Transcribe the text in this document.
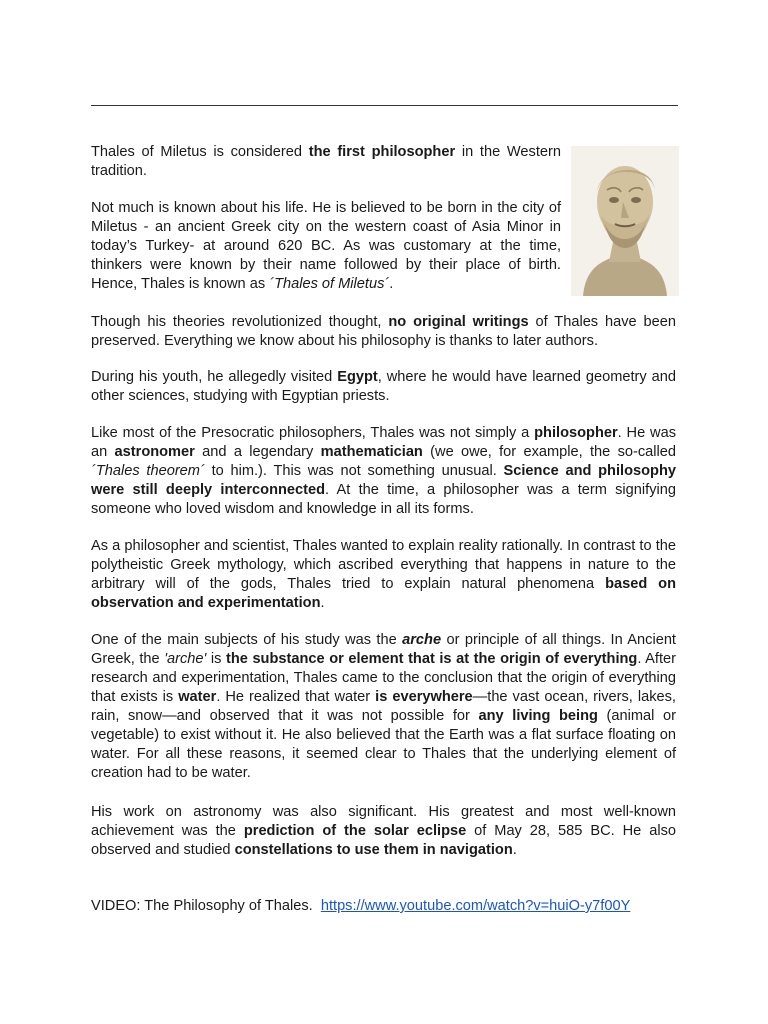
Thales of Miletus is considered the first philosopher in the Western tradition.

Not much is known about his life. He is believed to be born in the city of Miletus - an ancient Greek city on the western coast of Asia Minor in today’s Turkey- at around 620 BC. As was customary at the time, thinkers were known by their name followed by their place of birth. Hence, Thales is known as ´Thales of Miletus´.

Though his theories revolutionized thought, no original writings of Thales have been preserved. Everything we know about his philosophy is thanks to later authors.

During his youth, he allegedly visited Egypt, where he would have learned geometry and other sciences, studying with Egyptian priests.

Like most of the Presocratic philosophers, Thales was not simply a philosopher. He was an astronomer and a legendary mathematician (we owe, for example, the so-called ´Thales theorem´ to him.). This was not something unusual. Science and philosophy were still deeply interconnected. At the time, a philosopher was a term signifying someone who loved wisdom and knowledge in all its forms.

As a philosopher and scientist, Thales wanted to explain reality rationally. In contrast to the polytheistic Greek mythology, which ascribed everything that happens in nature to the arbitrary will of the gods, Thales tried to explain natural phenomena based on observation and experimentation.

One of the main subjects of his study was the arche or principle of all things. In Ancient Greek, the 'arche' is the substance or element that is at the origin of everything. After research and experimentation, Thales came to the conclusion that the origin of everything that exists is water. He realized that water is everywhere—the vast ocean, rivers, lakes, rain, snow—and observed that it was not possible for any living being (animal or vegetable) to exist without it. He also believed that the Earth was a flat surface floating on water. For all these reasons, it seemed clear to Thales that the underlying element of creation had to be water.

His work on astronomy was also significant. His greatest and most well-known achievement was the prediction of the solar eclipse of May 28, 585 BC. He also observed and studied constellations to use them in navigation.

VIDEO: The Philosophy of Thales.  https://www.youtube.com/watch?v=huiO-y7f00Y
